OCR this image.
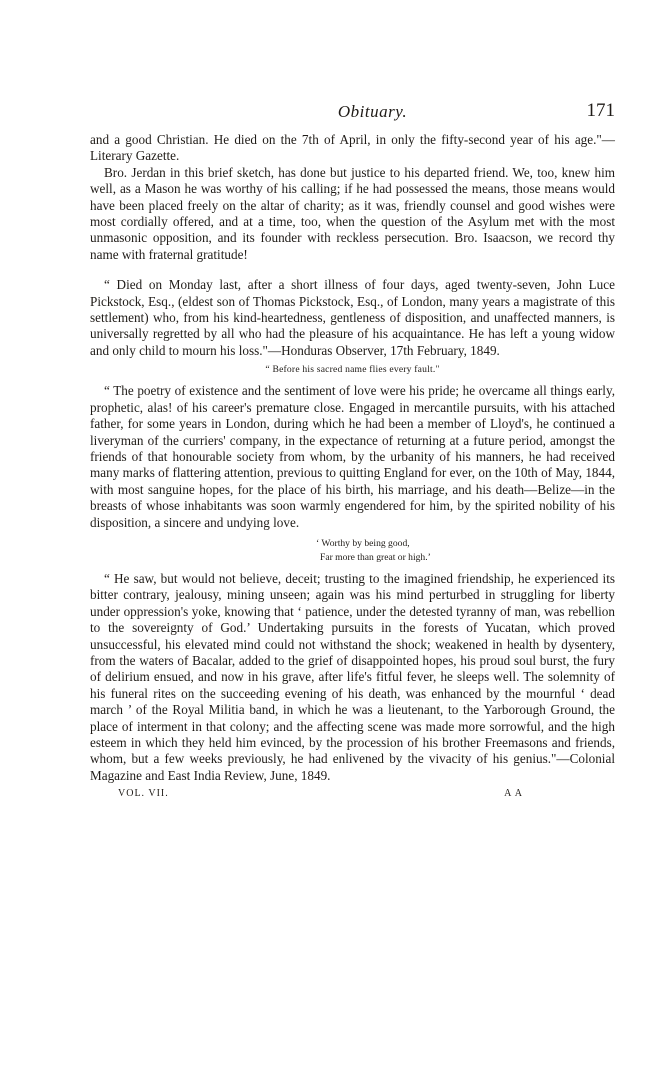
Obituary.	171

and a good Christian. He died on the 7th of April, in only the fifty-second year of his age."—Literary Gazette.

Bro. Jerdan in this brief sketch, has done but justice to his departed friend. We, too, knew him well, as a Mason he was worthy of his calling; if he had possessed the means, those means would have been placed freely on the altar of charity; as it was, friendly counsel and good wishes were most cordially offered, and at a time, too, when the question of the Asylum met with the most unmasonic opposition, and its founder with reckless persecution. Bro. Isaacson, we record thy name with fraternal gratitude!

“ Died on Monday last, after a short illness of four days, aged twenty-seven, John Luce Pickstock, Esq., (eldest son of Thomas Pickstock, Esq., of London, many years a magistrate of this settlement) who, from his kind-heartedness, gentleness of disposition, and unaffected manners, is universally regretted by all who had the pleasure of his acquaintance. He has left a young widow and only child to mourn his loss."—Honduras Observer, 17th February, 1849.

“ Before his sacred name flies every fault."

“ The poetry of existence and the sentiment of love were his pride; he overcame all things early, prophetic, alas! of his career's premature close. Engaged in mercantile pursuits, with his attached father, for some years in London, during which he had been a member of Lloyd's, he continued a liveryman of the curriers' company, in the expectance of returning at a future period, amongst the friends of that honourable society from whom, by the urbanity of his manners, he had received many marks of flattering attention, previous to quitting England for ever, on the 10th of May, 1844, with most sanguine hopes, for the place of his birth, his marriage, and his death—Belize—in the breasts of whose inhabitants was soon warmly engendered for him, by the spirited nobility of his disposition, a sincere and undying love.

‘ Worthy by being good,
Far more than great or high.’

“ He saw, but would not believe, deceit; trusting to the imagined friendship, he experienced its bitter contrary, jealousy, mining unseen; again was his mind perturbed in struggling for liberty under oppression's yoke, knowing that ‘ patience, under the detested tyranny of man, was rebellion to the sovereignty of God.’ Undertaking pursuits in the forests of Yucatan, which proved unsuccessful, his elevated mind could not withstand the shock; weakened in health by dysentery, from the waters of Bacalar, added to the grief of disappointed hopes, his proud soul burst, the fury of delirium ensued, and now in his grave, after life's fitful fever, he sleeps well. The solemnity of his funeral rites on the succeeding evening of his death, was enhanced by the mournful ‘ dead march ’ of the Royal Militia band, in which he was a lieutenant, to the Yarborough Ground, the place of interment in that colony; and the affecting scene was made more sorrowful, and the high esteem in which they held him evinced, by the procession of his brother Freemasons and friends, whom, but a few weeks previously, he had enlivened by the vivacity of his genius."—Colonial Magazine and East India Review, June, 1849.

VOL. VII.	A A
